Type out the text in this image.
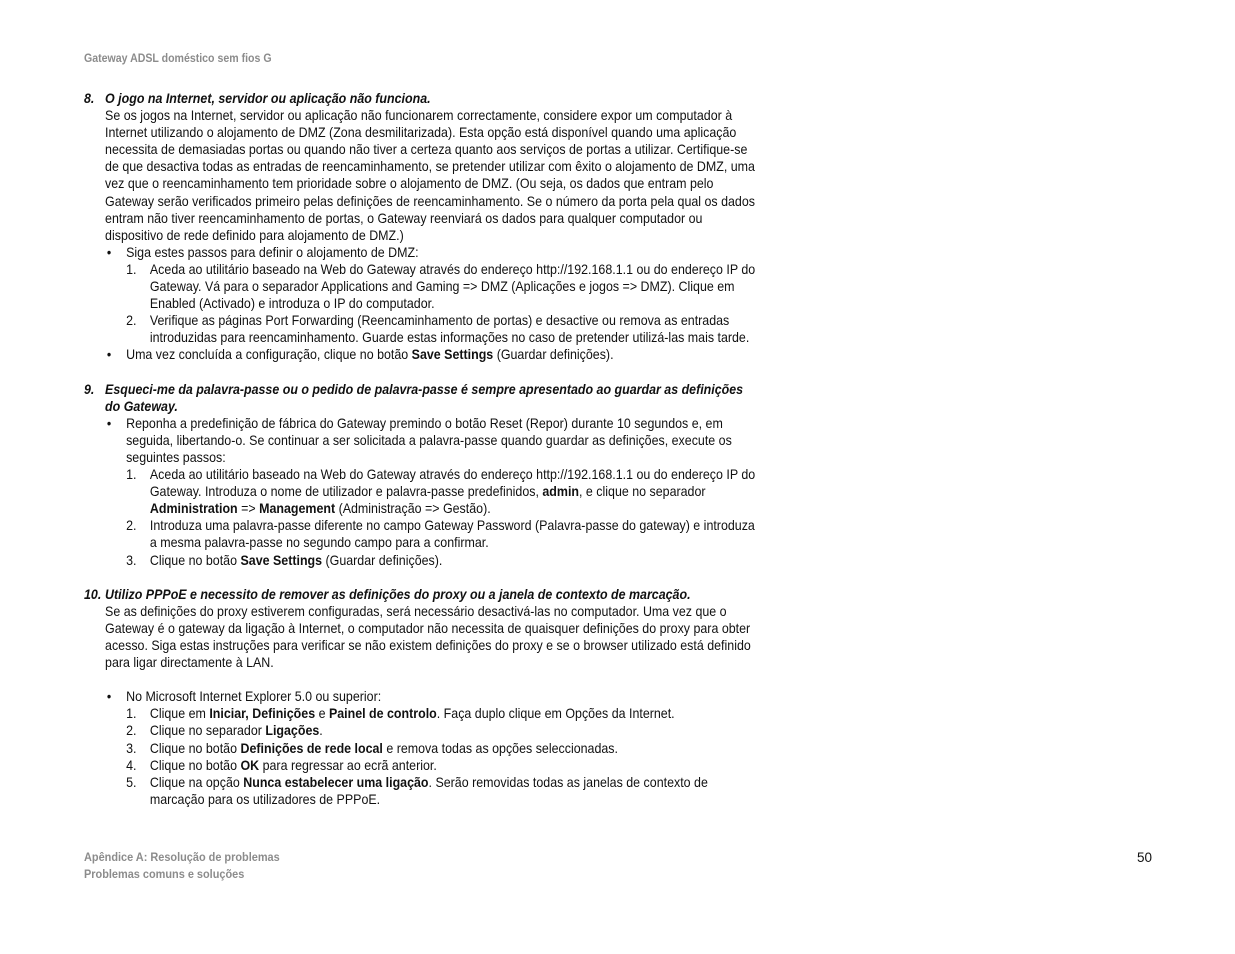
Gateway ADSL doméstico sem fios G
8. O jogo na Internet, servidor ou aplicação não funciona.

Se os jogos na Internet, servidor ou aplicação não funcionarem correctamente, considere expor um computador à Internet utilizando o alojamento de DMZ (Zona desmilitarizada). Esta opção está disponível quando uma aplicação necessita de demasiadas portas ou quando não tiver a certeza quanto aos serviços de portas a utilizar. Certifique-se de que desactiva todas as entradas de reencaminhamento, se pretender utilizar com êxito o alojamento de DMZ, uma vez que o reencaminhamento tem prioridade sobre o alojamento de DMZ. (Ou seja, os dados que entram pelo Gateway serão verificados primeiro pelas definições de reencaminhamento. Se o número da porta pela qual os dados entram não tiver reencaminhamento de portas, o Gateway reenviará os dados para qualquer computador ou dispositivo de rede definido para alojamento de DMZ.)

• Siga estes passos para definir o alojamento de DMZ:
1. Aceda ao utilitário baseado na Web do Gateway através do endereço http://192.168.1.1 ou do endereço IP do Gateway. Vá para o separador Applications and Gaming => DMZ (Aplicações e jogos => DMZ). Clique em Enabled (Activado) e introduza o IP do computador.
2. Verifique as páginas Port Forwarding (Reencaminhamento de portas) e desactive ou remova as entradas introduzidas para reencaminhamento. Guarde estas informações no caso de pretender utilizá-las mais tarde.
• Uma vez concluída a configuração, clique no botão Save Settings (Guardar definições).
9. Esqueci-me da palavra-passe ou o pedido de palavra-passe é sempre apresentado ao guardar as definições do Gateway.
• Reponha a predefinição de fábrica do Gateway premindo o botão Reset (Repor) durante 10 segundos e, em seguida, libertando-o. Se continuar a ser solicitada a palavra-passe quando guardar as definições, execute os seguintes passos:
1. Aceda ao utilitário baseado na Web do Gateway através do endereço http://192.168.1.1 ou do endereço IP do Gateway. Introduza o nome de utilizador e palavra-passe predefinidos, admin, e clique no separador Administration => Management (Administração => Gestão).
2. Introduza uma palavra-passe diferente no campo Gateway Password (Palavra-passe do gateway) e introduza a mesma palavra-passe no segundo campo para a confirmar.
3. Clique no botão Save Settings (Guardar definições).
10. Utilizo PPPoE e necessito de remover as definições do proxy ou a janela de contexto de marcação.

Se as definições do proxy estiverem configuradas, será necessário desactivá-las no computador. Uma vez que o Gateway é o gateway da ligação à Internet, o computador não necessita de quaisquer definições do proxy para obter acesso. Siga estas instruções para verificar se não existem definições do proxy e se o browser utilizado está definido para ligar directamente à LAN.

• No Microsoft Internet Explorer 5.0 ou superior:
1. Clique em Iniciar, Definições e Painel de controlo. Faça duplo clique em Opções da Internet.
2. Clique no separador Ligações.
3. Clique no botão Definições de rede local e remova todas as opções seleccionadas.
4. Clique no botão OK para regressar ao ecrã anterior.
5. Clique na opção Nunca estabelecer uma ligação. Serão removidas todas as janelas de contexto de marcação para os utilizadores de PPPoE.
Apêndice A: Resolução de problemas
Problemas comuns e soluções
50
